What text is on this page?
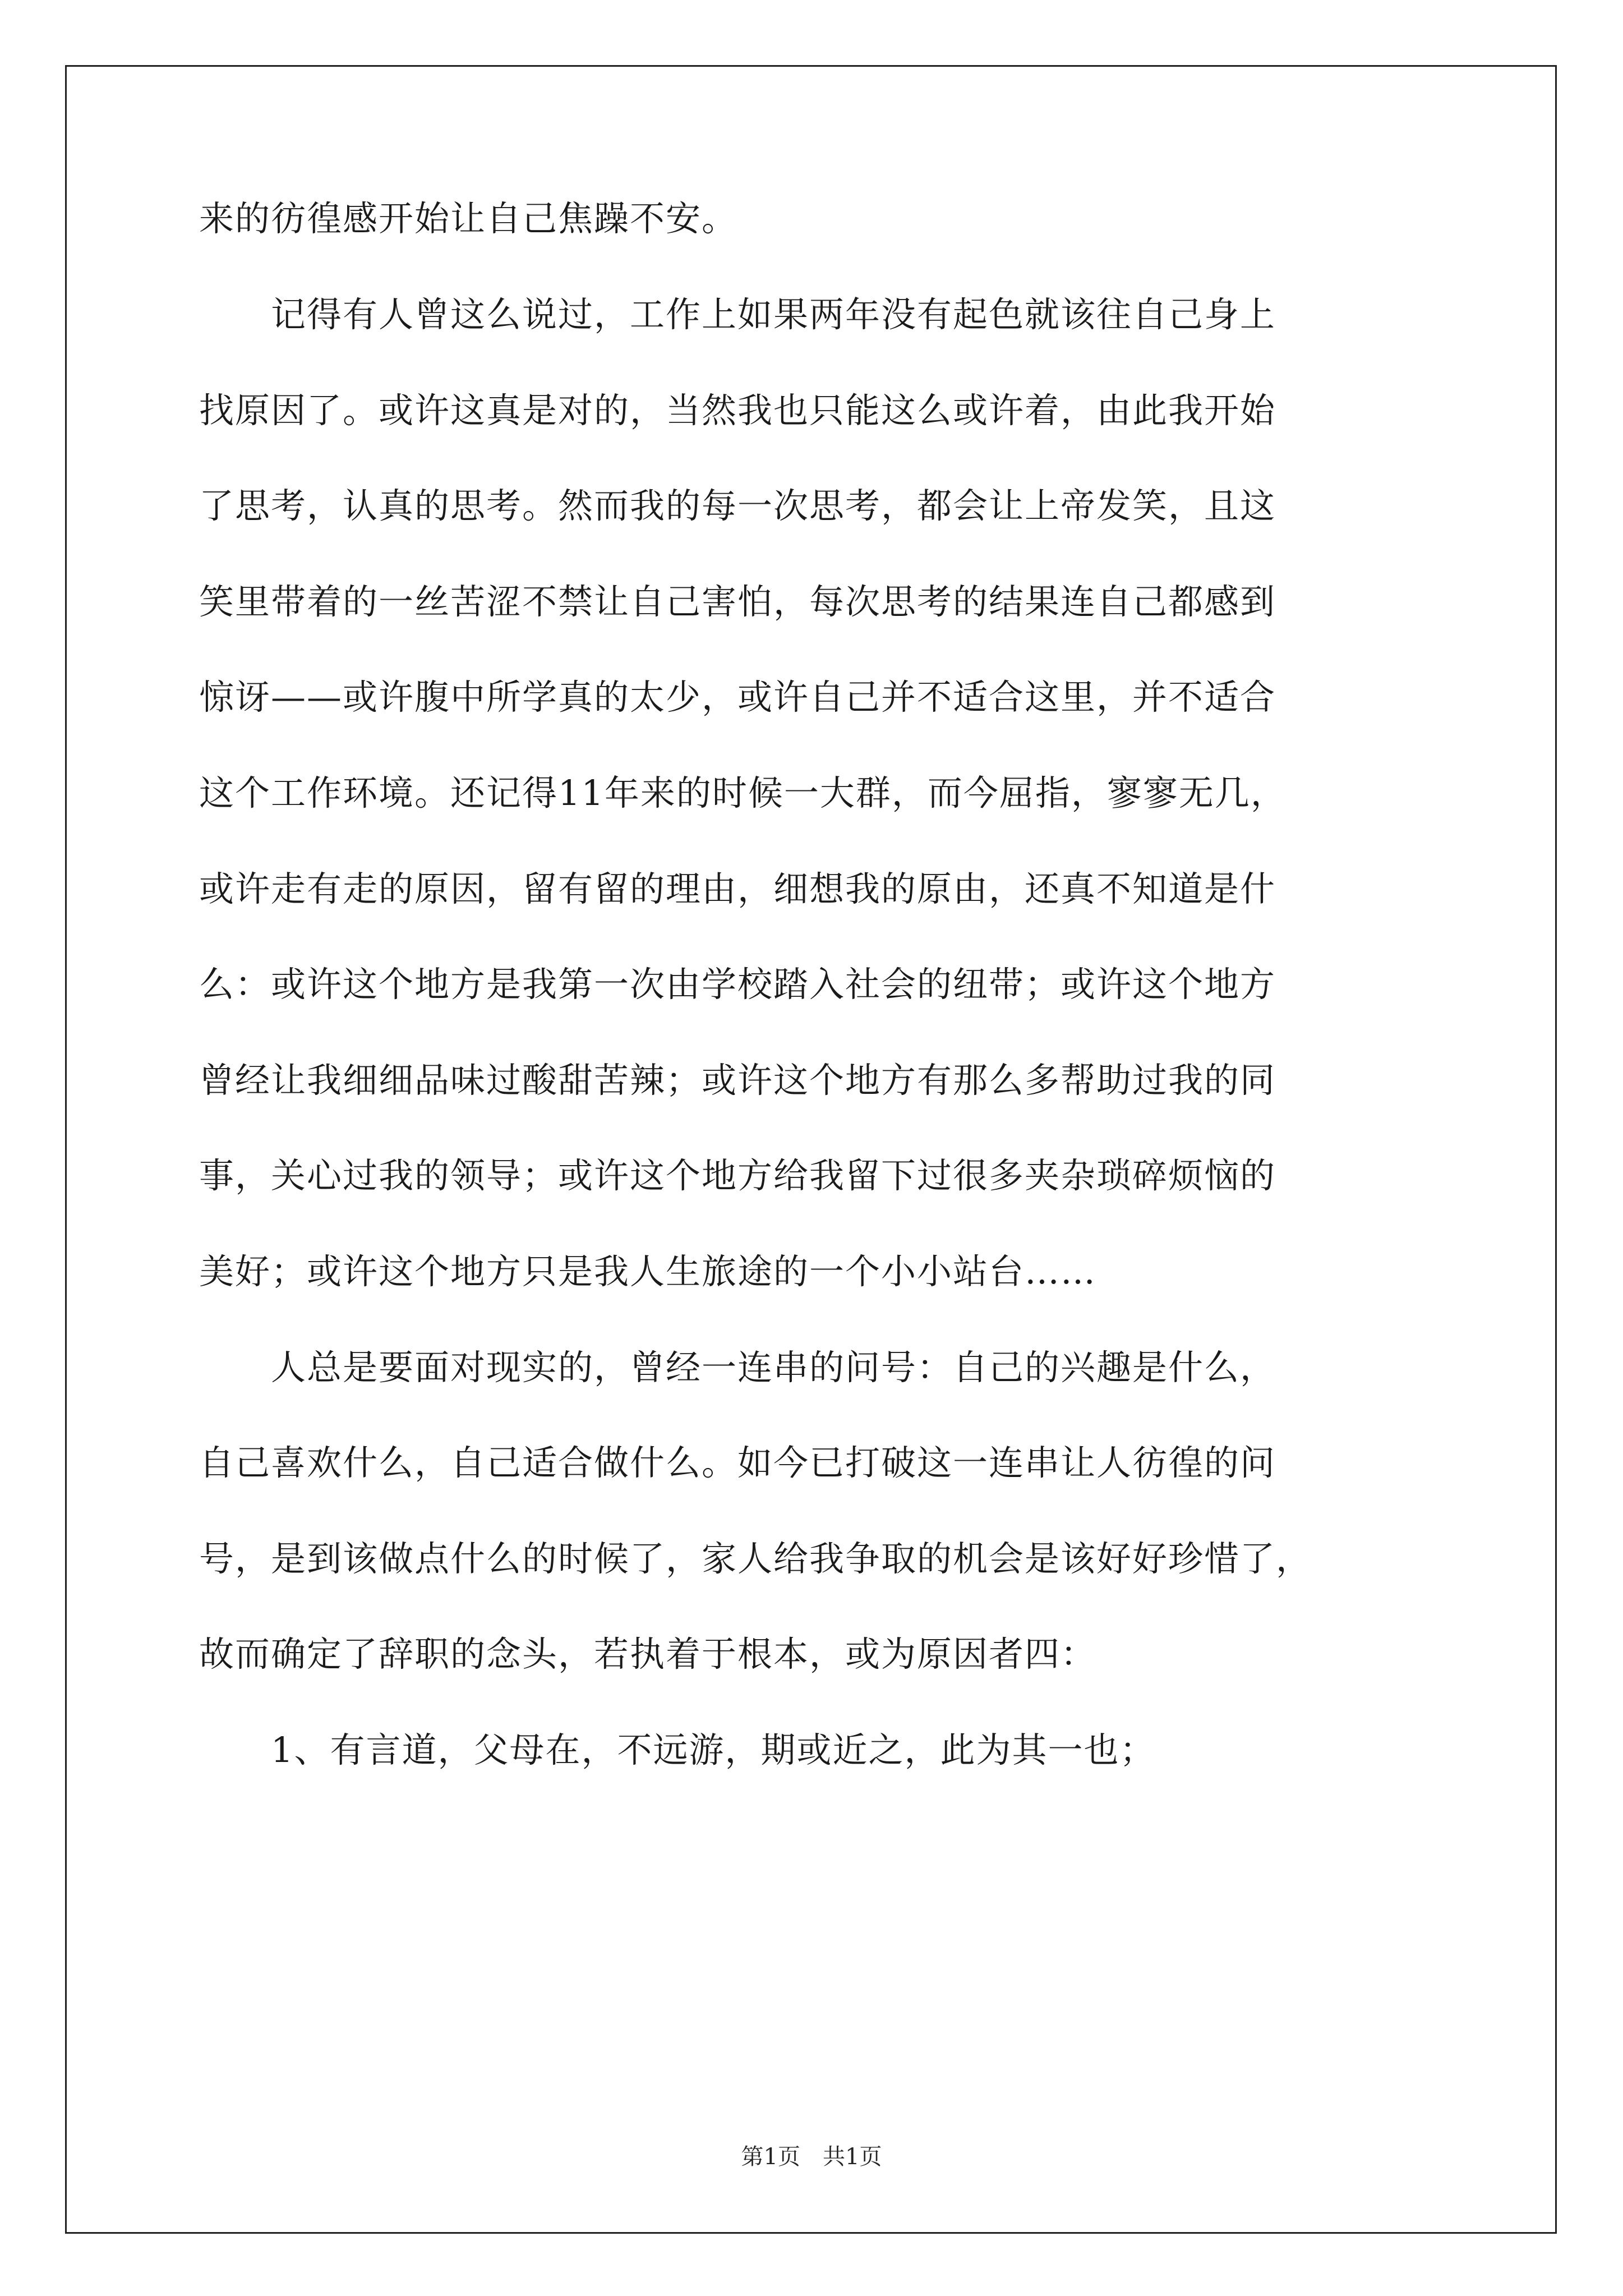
来的彷徨感开始让自己焦躁不安。
　　记得有人曾这么说过，工作上如果两年没有起色就该往自己身上
找原因了。或许这真是对的，当然我也只能这么或许着，由此我开始
了思考，认真的思考。然而我的每一次思考，都会让上帝发笑，且这
笑里带着的一丝苦涩不禁让自己害怕，每次思考的结果连自己都感到
惊讶——或许腹中所学真的太少，或许自己并不适合这里，并不适合
这个工作环境。还记得11年来的时候一大群，而今屈指，寥寥无几，
或许走有走的原因，留有留的理由，细想我的原由，还真不知道是什
么：或许这个地方是我第一次由学校踏入社会的纽带；或许这个地方
曾经让我细细品味过酸甜苦辣；或许这个地方有那么多帮助过我的同
事，关心过我的领导；或许这个地方给我留下过很多夹杂琐碎烦恼的
美好；或许这个地方只是我人生旅途的一个小小站台……
　　人总是要面对现实的，曾经一连串的问号：自己的兴趣是什么，
自己喜欢什么，自己适合做什么。如今已打破这一连串让人彷徨的问
号，是到该做点什么的时候了，家人给我争取的机会是该好好珍惜了，
故而确定了辞职的念头，若执着于根本，或为原因者四：
　　1、有言道，父母在，不远游，期或近之，此为其一也；
第1页　共1页
